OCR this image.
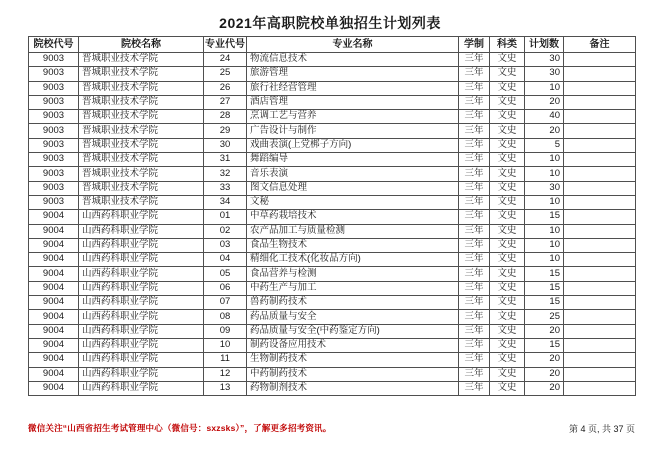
2021年高职院校单独招生计划列表
院校代号	院校名称	专业代号	专业名称	学制	科类	计划数	备注
9003	晋城职业技术学院	24	物流信息技术	三年	文史	30	
9003	晋城职业技术学院	25	旅游管理	三年	文史	30	
9003	晋城职业技术学院	26	旅行社经营管理	三年	文史	10	
9003	晋城职业技术学院	27	酒店管理	三年	文史	20	
9003	晋城职业技术学院	28	烹调工艺与营养	三年	文史	40	
9003	晋城职业技术学院	29	广告设计与制作	三年	文史	20	
9003	晋城职业技术学院	30	戏曲表演(上党梆子方向)	三年	文史	5	
9003	晋城职业技术学院	31	舞蹈编导	三年	文史	10	
9003	晋城职业技术学院	32	音乐表演	三年	文史	10	
9003	晋城职业技术学院	33	图文信息处理	三年	文史	30	
9003	晋城职业技术学院	34	文秘	三年	文史	10	
9004	山西药科职业学院	01	中草药栽培技术	三年	文史	15	
9004	山西药科职业学院	02	农产品加工与质量检测	三年	文史	10	
9004	山西药科职业学院	03	食品生物技术	三年	文史	10	
9004	山西药科职业学院	04	精细化工技术(化妆品方向)	三年	文史	10	
9004	山西药科职业学院	05	食品营养与检测	三年	文史	15	
9004	山西药科职业学院	06	中药生产与加工	三年	文史	15	
9004	山西药科职业学院	07	兽药制药技术	三年	文史	15	
9004	山西药科职业学院	08	药品质量与安全	三年	文史	25	
9004	山西药科职业学院	09	药品质量与安全(中药鉴定方向)	三年	文史	20	
9004	山西药科职业学院	10	制药设备应用技术	三年	文史	15	
9004	山西药科职业学院	11	生物制药技术	三年	文史	20	
9004	山西药科职业学院	12	中药制药技术	三年	文史	20	
9004	山西药科职业学院	13	药物制剂技术	三年	文史	20	
微信关注“山西省招生考试管理中心（微信号：sxzsks）”，了解更多招考资讯。	第 4 页, 共 37 页
